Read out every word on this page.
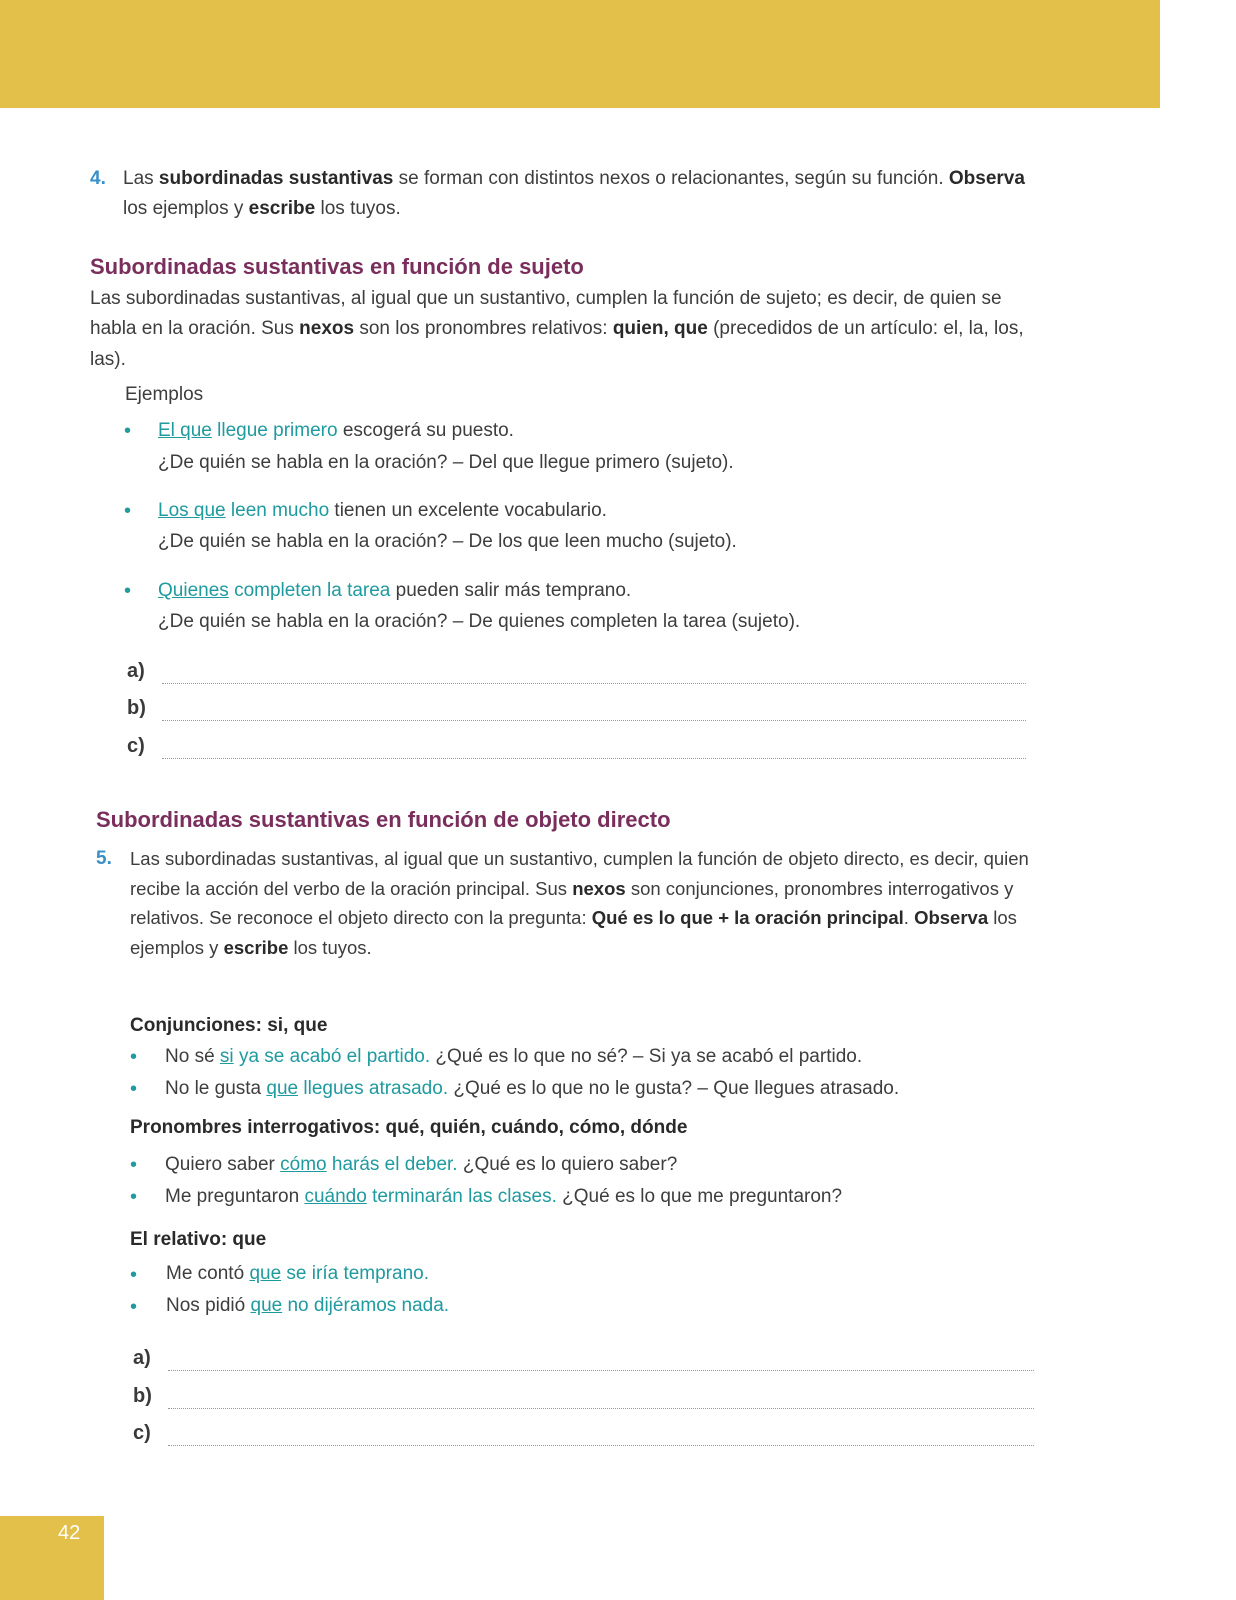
4. Las subordinadas sustantivas se forman con distintos nexos o relacionantes, según su función. Observa los ejemplos y escribe los tuyos.
Subordinadas sustantivas en función de sujeto
Las subordinadas sustantivas, al igual que un sustantivo, cumplen la función de sujeto; es decir, de quien se habla en la oración. Sus nexos son los pronombres relativos: quien, que (precedidos de un artículo: el, la, los, las).
Ejemplos
• El que llegue primero escogerá su puesto.
¿De quién se habla en la oración? – Del que llegue primero (sujeto).
• Los que leen mucho tienen un excelente vocabulario.
¿De quién se habla en la oración? – De los que leen mucho (sujeto).
• Quienes completen la tarea pueden salir más temprano.
¿De quién se habla en la oración? – De quienes completen la tarea (sujeto).
a)
b)
c)
Subordinadas sustantivas en función de objeto directo
5. Las subordinadas sustantivas, al igual que un sustantivo, cumplen la función de objeto directo, es decir, quien recibe la acción del verbo de la oración principal. Sus nexos son conjunciones, pronombres interrogativos y relativos. Se reconoce el objeto directo con la pregunta: Qué es lo que + la oración principal. Observa los ejemplos y escribe los tuyos.
Conjunciones: si, que
• No sé si ya se acabó el partido. ¿Qué es lo que no sé? – Si ya se acabó el partido.
• No le gusta que llegues atrasado. ¿Qué es lo que no le gusta? – Que llegues atrasado.
Pronombres interrogativos: qué, quién, cuándo, cómo, dónde
• Quiero saber cómo harás el deber. ¿Qué es lo quiero saber?
• Me preguntaron cuándo terminarán las clases. ¿Qué es lo que me preguntaron?
El relativo: que
• Me contó que se iría temprano.
• Nos pidió que no dijéramos nada.
a)
b)
c)
42
